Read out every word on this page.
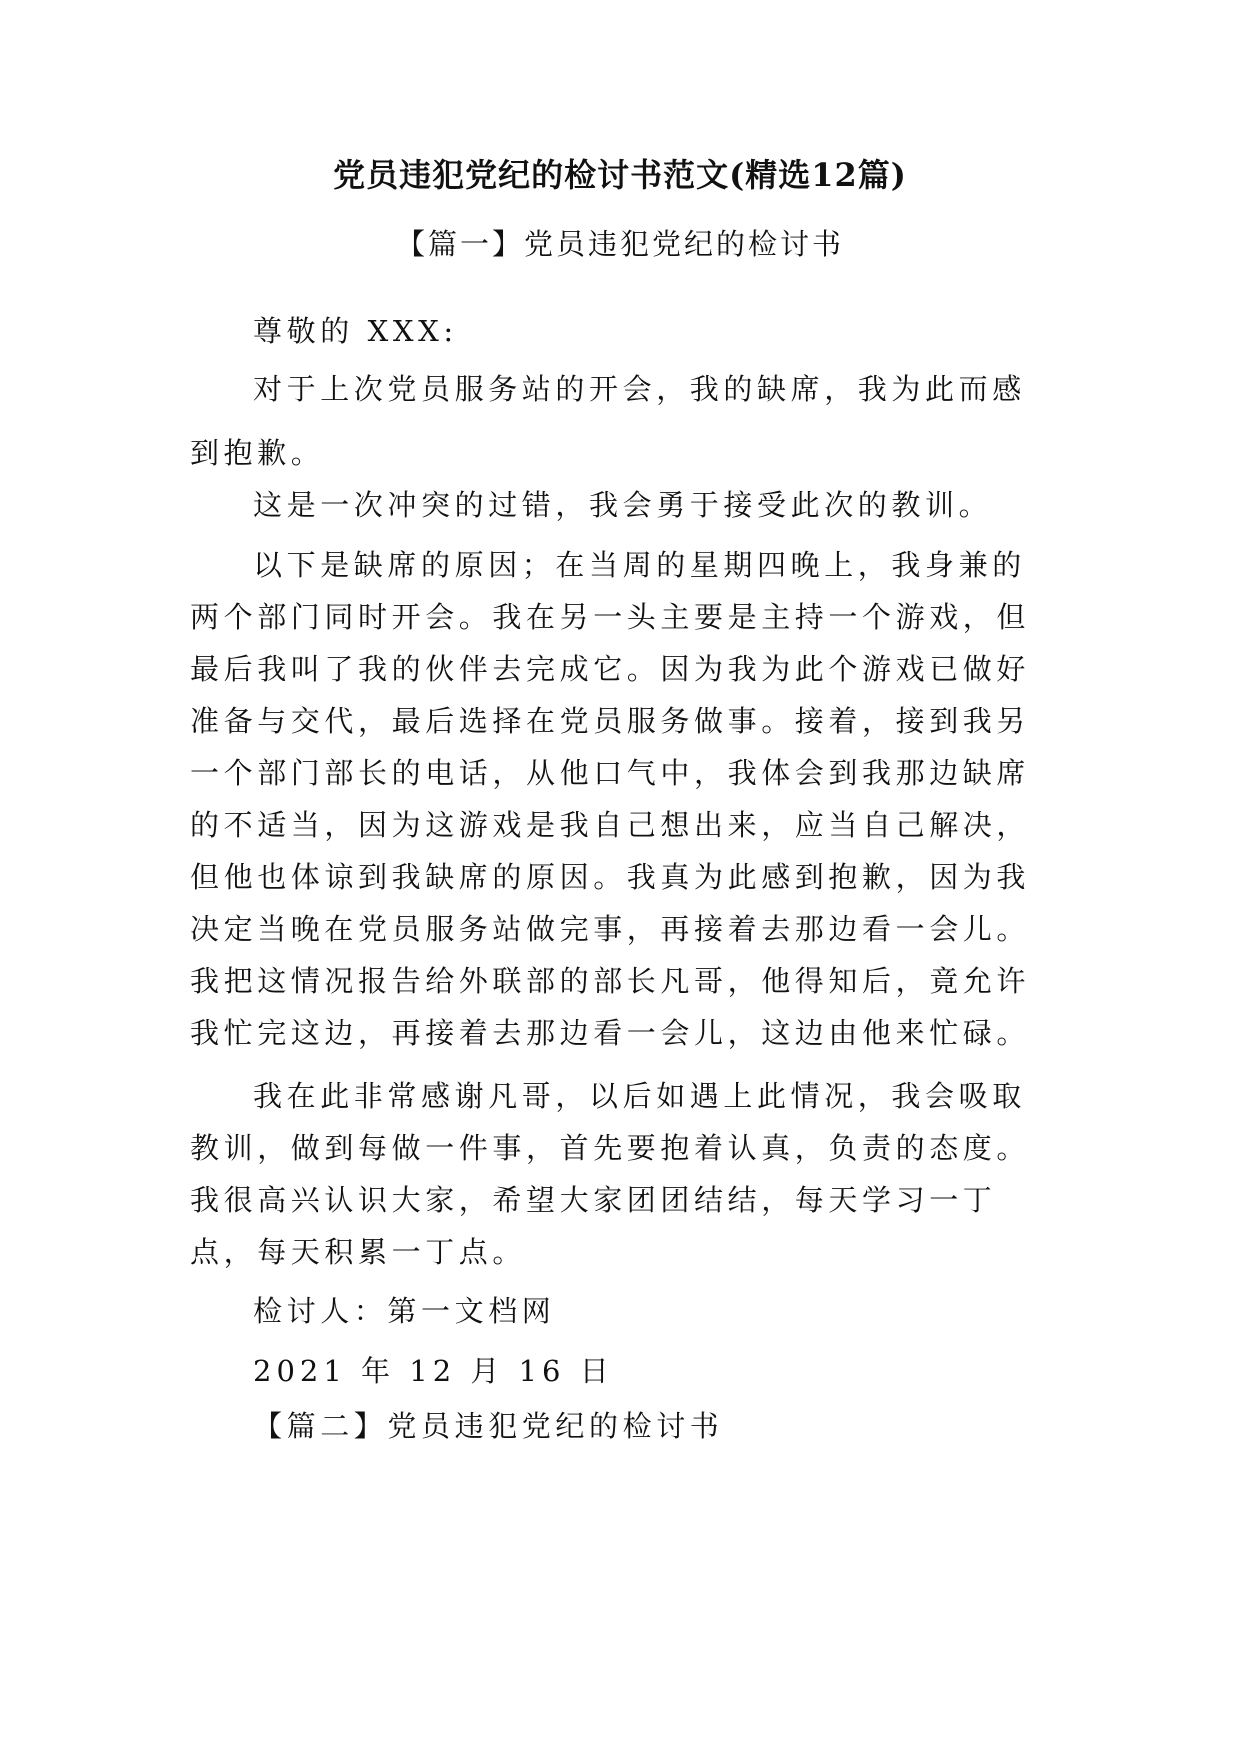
党员违犯党纪的检讨书范文(精选12篇)
【篇一】党员违犯党纪的检讨书

尊敬的 XXX:

对于上次党员服务站的开会，我的缺席，我为此而感到抱歉。

这是一次冲突的过错，我会勇于接受此次的教训。

以下是缺席的原因；在当周的星期四晚上，我身兼的两个部门同时开会。我在另一头主要是主持一个游戏，但最后我叫了我的伙伴去完成它。因为我为此个游戏已做好准备与交代，最后选择在党员服务做事。接着，接到我另一个部门部长的电话，从他口气中，我体会到我那边缺席的不适当，因为这游戏是我自己想出来，应当自己解决，但他也体谅到我缺席的原因。我真为此感到抱歉，因为我决定当晚在党员服务站做完事，再接着去那边看一会儿。我把这情况报告给外联部的部长凡哥，他得知后，竟允许我忙完这边，再接着去那边看一会儿，这边由他来忙碌。

我在此非常感谢凡哥，以后如遇上此情况，我会吸取教训，做到每做一件事，首先要抱着认真，负责的态度。我很高兴认识大家，希望大家团团结结，每天学习一丁点，每天积累一丁点。

检讨人：第一文档网

2021 年 12 月 16 日

【篇二】党员违犯党纪的检讨书
